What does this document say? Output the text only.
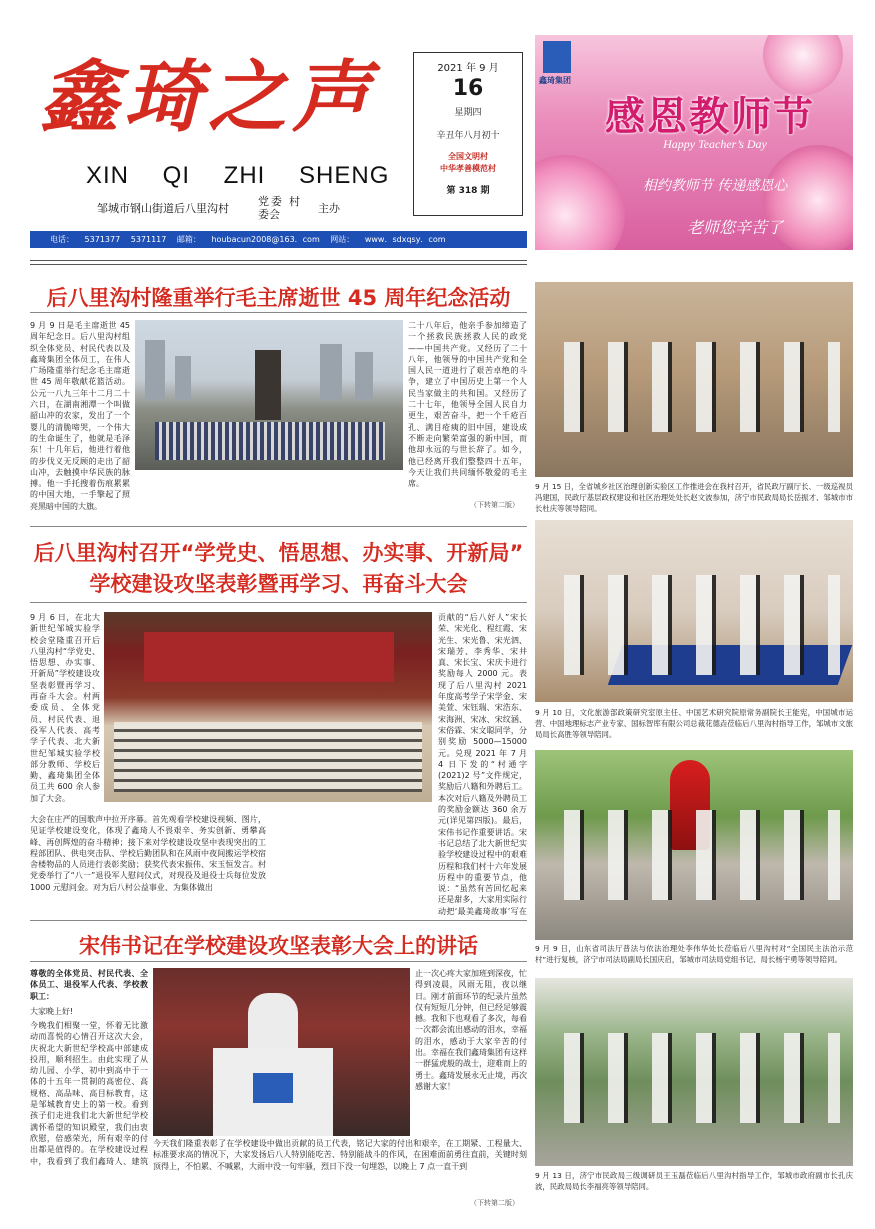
鑫琦之声
XIN QI ZHI SHENG
邹城市钢山街道后八里沟村
党委 村委会	主办
2021 年 9 月
16
星期四
辛丑年八月初十
全国文明村
中华孝善模范村
第 318 期
电话： 5371377 5371117 邮箱： houbacun2008@163．com 网站： www．sdxqsy．com
鑫琦集团
感恩教师节
Happy Teacher’s Day
相约教师节 传递感恩心
老师您辛苦了
后八里沟村隆重举行毛主席逝世 45 周年纪念活动
9 月 9 日是毛主席逝世 45 周年纪念日。后八里沟村组织全体党员、村民代表以及鑫琦集团全体员工，在伟人广场隆重举行纪念毛主席逝世 45 周年敬献花篮活动。公元一八九三年十二月二十六日，在湖南湘潭一个叫做韶山冲的农家，发出了一个婴儿的清脆啼哭，一个伟大的生命诞生了，他就是毛泽东！十几年后，他进行着他的步伐义无反顾的走出了韶山冲，去触摸中华民族的脉搏。他一手托搜着伤痕累累的中国大地，一手擎起了照亮黑暗中国的大旗。
二十八年后，他亲手参加缔造了一个拯救民族拯救人民的政党——中国共产党。又经历了二十八年，他领导的中国共产党和全国人民一道进行了艰苦卓绝的斗争，建立了中国历史上第一个人民当家做主的共和国。又经历了二十七年，他领导全国人民自力更生，艰苦奋斗，把一个千疮百孔、满目疮痍的旧中国，建设成不断走向繁荣富强的新中国，而他却永远的与世长辞了。如今，他已经离开我们整整四十五年，今天让我们共同缅怀敬爱的毛主席。
（下转第二版）
后八里沟村召开“学党史、悟思想、办实事、开新局”
学校建设攻坚表彰暨再学习、再奋斗大会
9 月 6 日，在北大新世纪邹城实验学校会堂隆重召开后八里沟村“学党史、悟思想、办实事、开新局”学校建设攻坚表彰暨再学习、再奋斗大会。村两委成员、全体党员、村民代表、退役军人代表、高考学子代表、北大新世纪邹城实验学校部分教师、学校后勤、鑫琦集团全体员工共 600 余人参加了大会。
大会在庄严的国歌声中拉开序幕。首先观看学校建设视频、图片，见证学校建设变化，体现了鑫琦人不畏艰辛、务实创新、勇攀高峰、再创辉煌的奋斗精神；接下来对学校建设攻坚中表现突出的工程部团队、供电突击队、学校后勤团队和在风雨中夜间搬运学校宿舍楼物品的人员进行表彰奖励；获奖代表宋振伟、宋玉恒发言。村党委举行了“八一”退役军人慰问仪式，对现役及退役士兵每位发放 1000 元慰问金。对为后八村公益事业、为集体做出
贡献的“后八好人”宋长荣、宋光化、程红霞、宋光生、宋光鲁、宋光泗、宋瑞芳、李秀华、宋井真、宋长宝、宋庆卡进行奖励每人 2000 元。表现了后八里沟村 2021 年度高考学子宋学金、宋美萱、宋钰瑞、宋浩东、宋海洲、宋冰、宋纹涵、宋俗霖、宋文聪同学，分别奖励 5000—15000 元。兑现 2021 年 7 月 4 日下发的“村通字(2021)2 号”文件规定，奖励后八籍和外聘后工。本次对后八籍及外聘员工的奖励金额达 360 余万元(详见第四版)。最后，宋伟书记作重要讲话。宋书记总结了北大新世纪实验学校建设过程中的艰难历程和我们村十六年发展历程中的重要节点，他说：“虽然有苦回忆起来还是甜多，大家用实际行动把‘最美鑫琦故事’写在
宋伟书记在学校建设攻坚表彰大会上的讲话
尊敬的全体党员、村民代表、全体员工、退役军人代表、学校教职工：
大家晚上好!
今晚我们相聚一堂，怀着无比激动而喜悦的心情召开这次大会，庆祝北大新世纪学校高中部建成投用，顺利招生。由此实现了从幼儿园、小学、初中到高中于一体的十五年一贯制的高密位、高规格、高品味、高目标教育，这是邹城教育史上的第一校。看到孩子们走进我们北大新世纪学校满怀希望的知识殿堂，我们由衷欣慰，倍感荣光，所有艰辛的付出都是值得的。在学校建设过程中，我看到了我们鑫琦人、建筑
止一次心疼大家加班到深夜，忙得到凌晨，风雨无阻，夜以继日。刚才前面环节的纪录片虽然仅有短短几分钟，但已经足够震撼。我和下也观看了多次，每看一次都会流出感动的泪水，幸福的泪水，感动于大家辛苦的付出。幸福在我们鑫琦集团有这样一群猛虎般的战士，迎难而上的勇士。鑫琦发展永无止境，再次感谢大家！
今天我们隆重表彰了在学校建设中做出贡献的员工代表，铭记大家的付出和艰辛，在工期紧、工程量大、标准要求高的情况下，大家发扬后八人特别能吃苦、特别能战斗的作风，在困难面前勇往直前，关键时刻顶得上，不怕累、不喊累，大雨中没一句牢骚，烈日下没一句埋怨，以晚上 7 点一直干到
（下转第二版）
9 月 15 日，全省城乡社区治理创新实验区工作推进会在我村召开，省民政厅副厅长、一级巡视员冯建国，民政厅基层政权建设和社区治理处处长赵文波参加，济宁市民政局局长岳振才、邹城市市长杜庆等领导陪同。
9 月 10 日，文化旅游部政策研究室原主任、中国艺术研究院原常务副院长王能宪，中国城市运营、中国地理标志产业专家、国标智库有限公司总裁花德垚莅临后八里沟村指导工作，邹城市文旅局局长高胜等领导陪同。
9 月 9 日，山东省司法厅普法与依法治理处李伟华处长莅临后八里沟村对“全国民主法治示范村”进行复核，济宁市司法局副局长国庆启，邹城市司法局党组书记、局长杨宇勇等领导陪同。
9 月 13 日，济宁市民政局三级调研员王玉磊莅临后八里沟村指导工作，邹城市政府副市长孔庆波，民政局局长李福亮等领导陪同。
